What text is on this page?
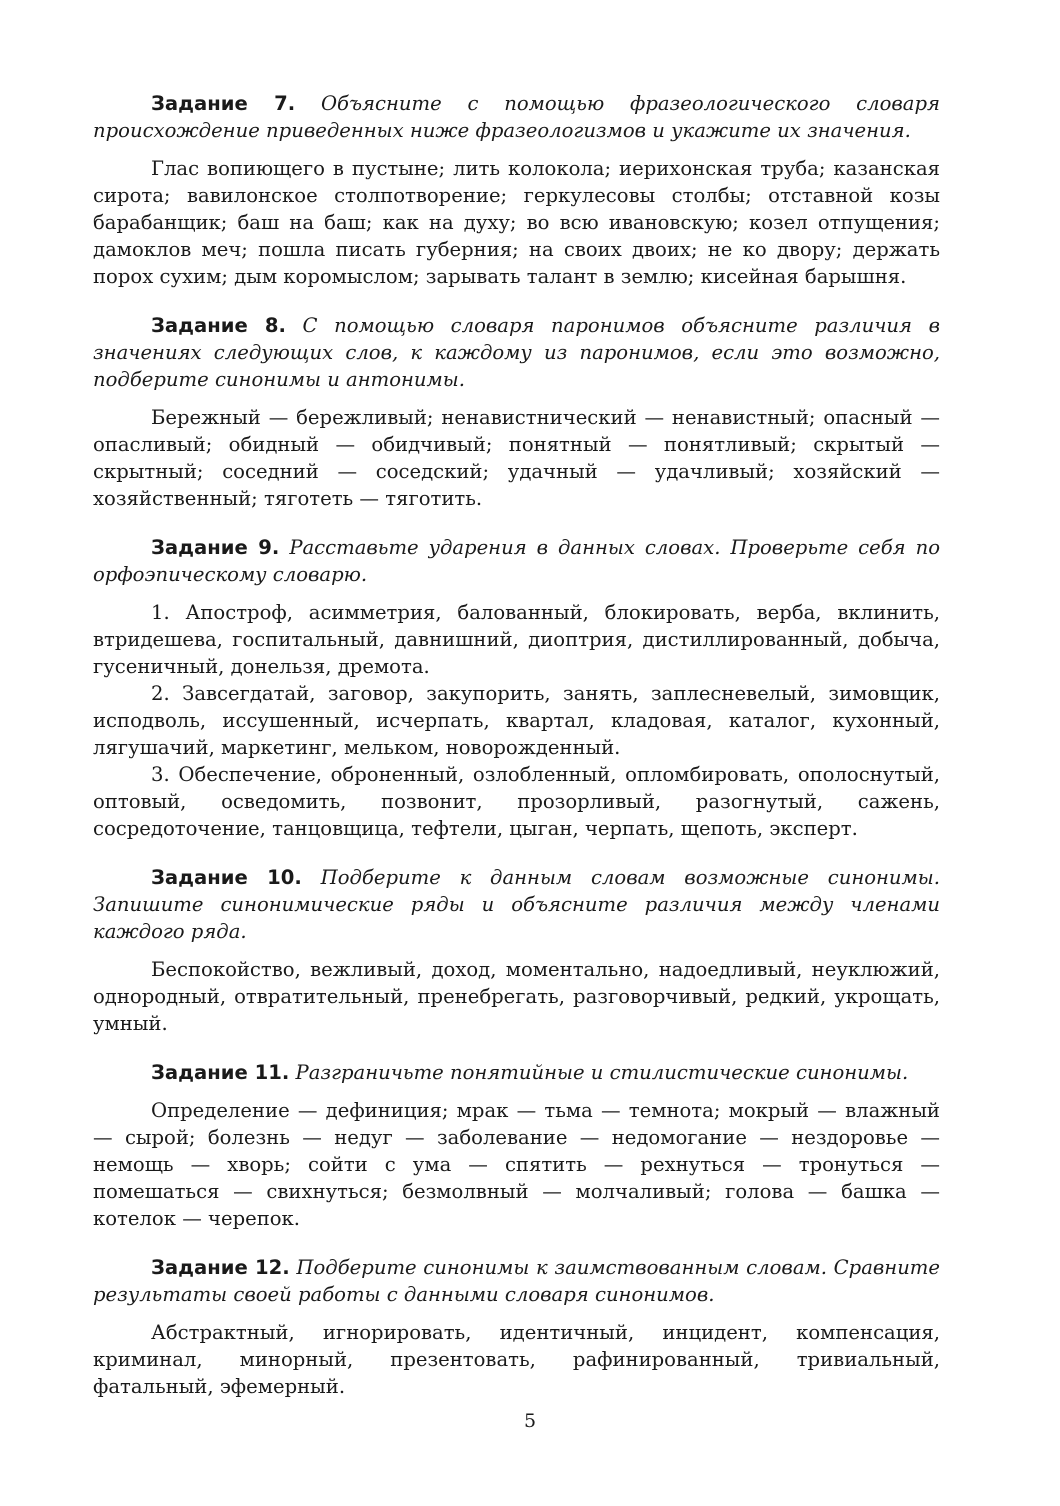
Задание 7. Объясните с помощью фразеологического словаря происхождение приведенных ниже фразеологизмов и укажите их значения.

Глас вопиющего в пустыне; лить колокола; иерихонская труба; казанская сирота; вавилонское столпотворение; геркулесовы столбы; отставной козы барабанщик; баш на баш; как на духу; во всю ивановскую; козел отпущения; дамоклов меч; пошла писать губерния; на своих двоих; не ко двору; держать порох сухим; дым коромыслом; зарывать талант в землю; кисейная барышня.

Задание 8. С помощью словаря паронимов объясните различия в значениях следующих слов, к каждому из паронимов, если это возможно, подберите синонимы и антонимы.

Бережный — бережливый; ненавистнический — ненавистный; опасный — опасливый; обидный — обидчивый; понятный — понятливый; скрытый — скрытный; соседний — соседский; удачный — удачливый; хозяйский — хозяйственный; тяготеть — тяготить.

Задание 9. Расставьте ударения в данных словах. Проверьте себя по орфоэпическому словарю.

1. Апостроф, асимметрия, балованный, блокировать, верба, вклинить, втридешева, госпитальный, давнишний, диоптрия, дистиллированный, добыча, гусеничный, донельзя, дремота.

2. Завсегдатай, заговор, закупорить, занять, заплесневелый, зимовщик, исподволь, иссушенный, исчерпать, квартал, кладовая, каталог, кухонный, лягушачий, маркетинг, мельком, новорожденный.

3. Обеспечение, оброненный, озлобленный, опломбировать, ополоснутый, оптовый, осведомить, позвонит, прозорливый, разогнутый, сажень, сосредоточение, танцовщица, тефтели, цыган, черпать, щепоть, эксперт.

Задание 10. Подберите к данным словам возможные синонимы. Запишите синонимические ряды и объясните различия между членами каждого ряда.

Беспокойство, вежливый, доход, моментально, надоедливый, неуклюжий, однородный, отвратительный, пренебрегать, разговорчивый, редкий, укрощать, умный.

Задание 11. Разграничьте понятийные и стилистические синонимы.

Определение — дефиниция; мрак — тьма — темнота; мокрый — влажный — сырой; болезнь — недуг — заболевание — недомогание — нездоровье — немощь — хворь; сойти с ума — спятить — рехнуться — тронуться — помешаться — свихнуться; безмолвный — молчаливый; голова — башка — котелок — черепок.

Задание 12. Подберите синонимы к заимствованным словам. Сравните результаты своей работы с данными словаря синонимов.

Абстрактный, игнорировать, идентичный, инцидент, компенсация, криминал, минорный, презентовать, рафинированный, тривиальный, фатальный, эфемерный.

5
